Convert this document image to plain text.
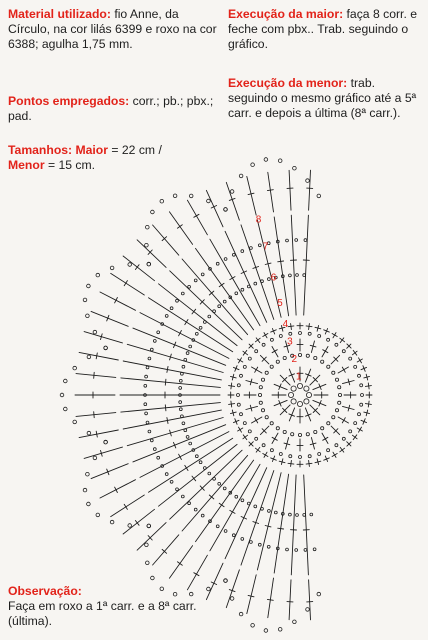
Material utilizado: fio Anne, da Círculo, na cor lilás 6399 e roxo na cor 6388; agulha 1,75 mm.
Pontos empregados: corr.; pb.; pbx.; pad.
Tamanhos: Maior = 22 cm /
Menor = 15 cm.
Execução da maior: faça 8 corr. e feche com pbx.. Trab. seguindo o gráfico.
Execução da menor: trab. seguindo o mesmo gráfico até a 5ª carr. e depois a última (8ª carr.).
1
2
3
4
5
6
7
8
Observação:
Faça em roxo a 1ª carr. e a 8ª carr. (última).
